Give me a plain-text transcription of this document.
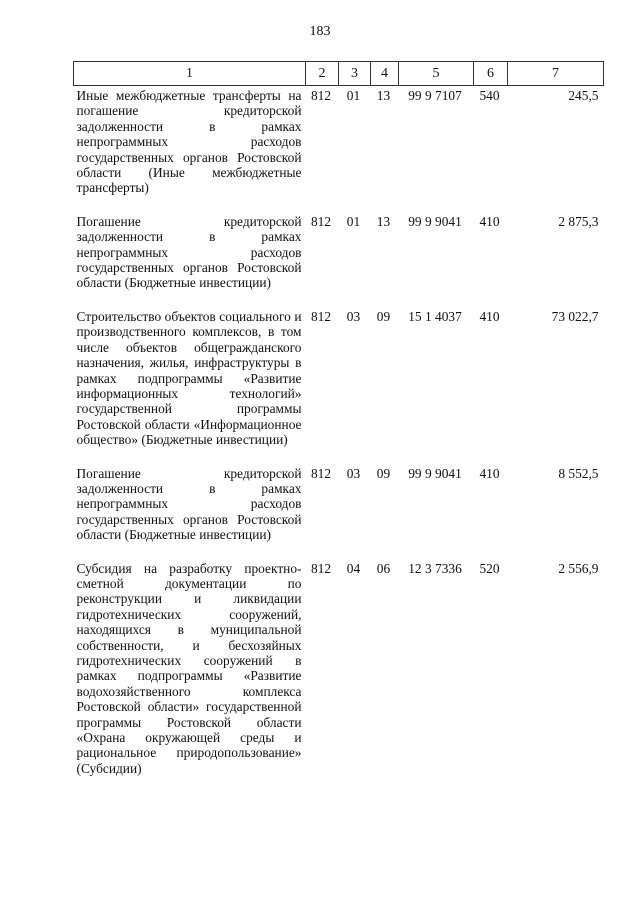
183
1	2	3	4	5	6	7
Иные межбюджетные трансферты на погашение кредиторской задолженности в рамках непрограммных расходов государственных органов Ростовской области (Иные межбюджетные трансферты)	812	01	13	99 9 7107	540	245,5
Погашение кредиторской задолженности в рамках непрограммных расходов государственных органов Ростовской области (Бюджетные инвестиции)	812	01	13	99 9 9041	410	2 875,3
Строительство объектов социального и производственного комплексов, в том числе объектов общегражданского назначения, жилья, инфраструктуры в рамках подпрограммы «Развитие информационных технологий» государственной программы Ростовской области «Информационное общество» (Бюджетные инвестиции)	812	03	09	15 1 4037	410	73 022,7
Погашение кредиторской задолженности в рамках непрограммных расходов государственных органов Ростовской области (Бюджетные инвестиции)	812	03	09	99 9 9041	410	8 552,5
Субсидия на разработку проектно-сметной документации по реконструкции и ликвидации гидротехнических сооружений, находящихся в муниципальной собственности, и бесхозяйных гидротехнических сооружений в рамках подпрограммы «Развитие водохозяйственного комплекса Ростовской области» государственной программы Ростовской области «Охрана окружающей среды и рациональное природопользование» (Субсидии)	812	04	06	12 3 7336	520	2 556,9
